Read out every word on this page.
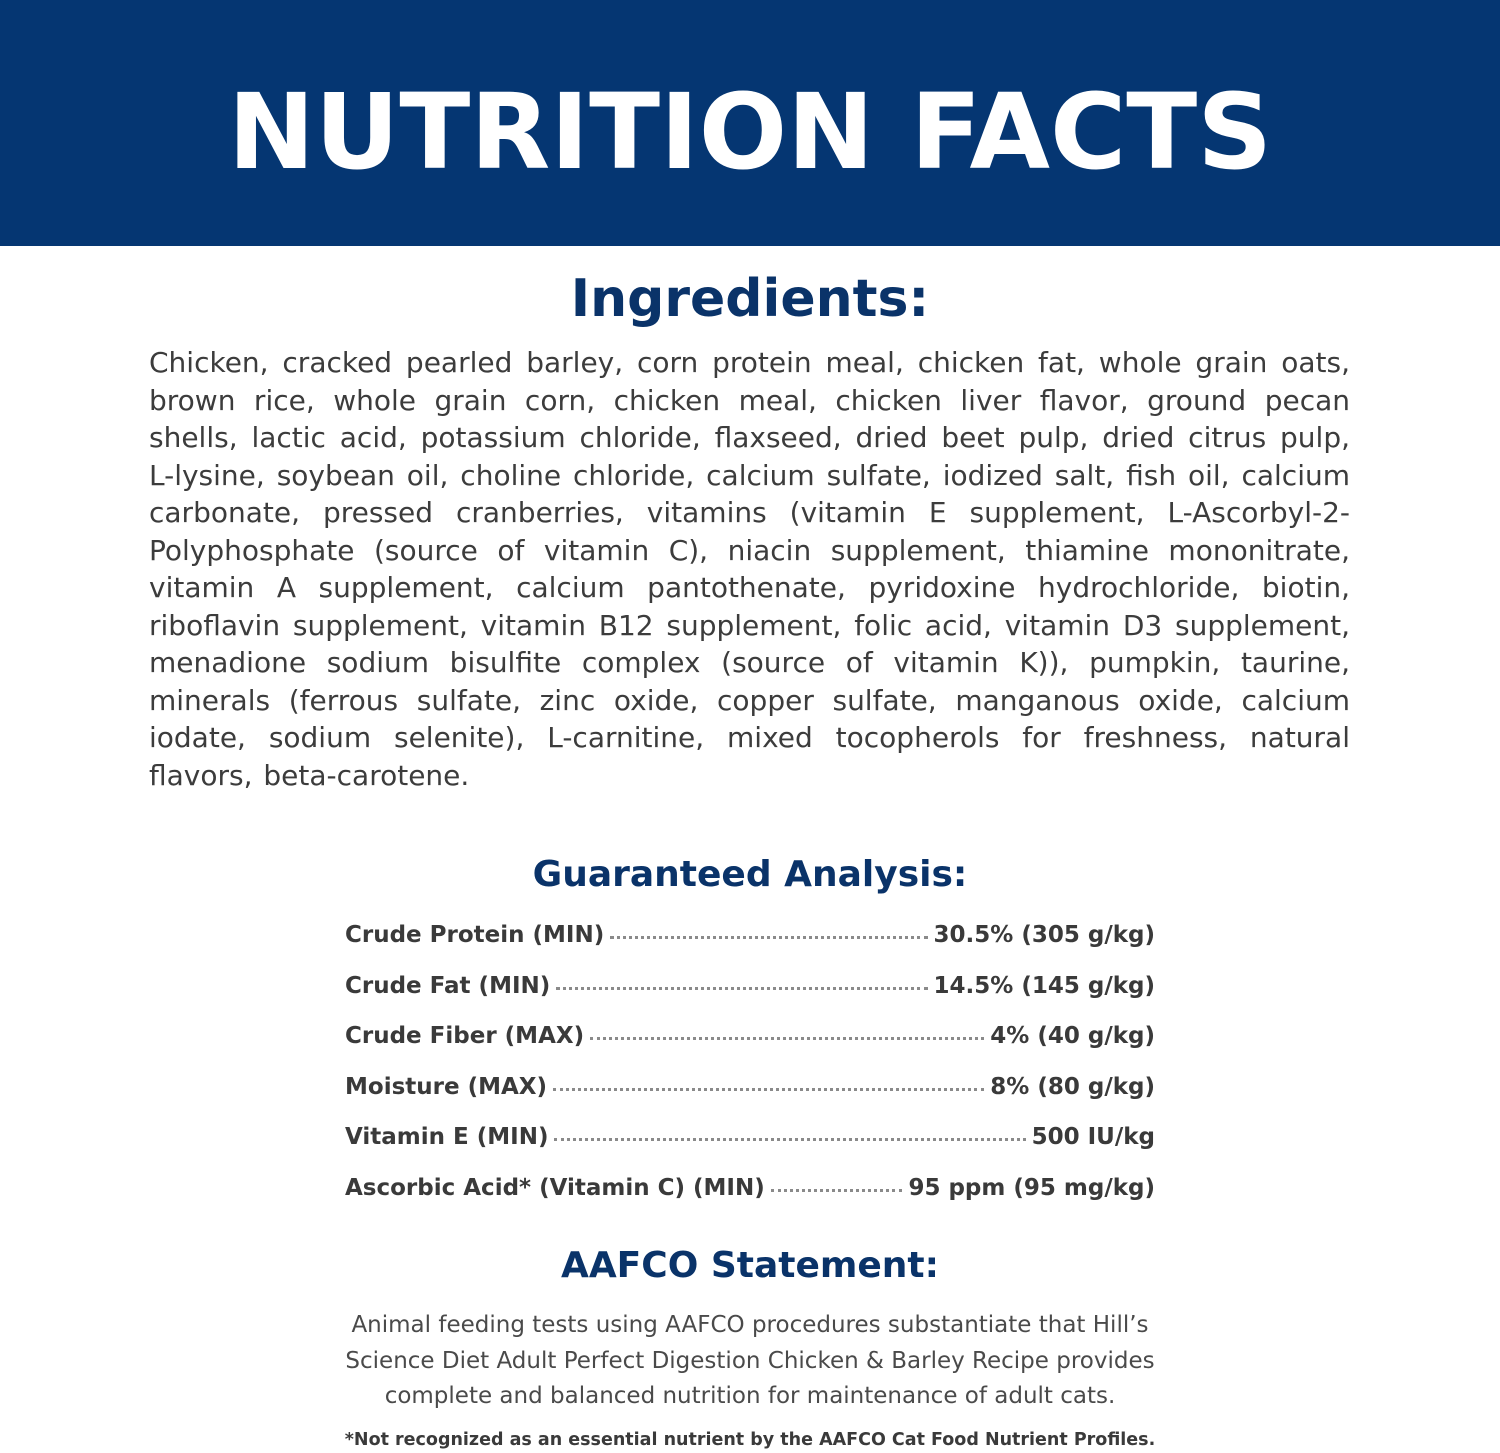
NUTRITION FACTS
Ingredients:
Chicken, cracked pearled barley, corn protein meal, chicken fat, whole grain oats, brown rice, whole grain corn, chicken meal, chicken liver flavor, ground pecan shells, lactic acid, potassium chloride, flaxseed, dried beet pulp, dried citrus pulp, L-lysine, soybean oil, choline chloride, calcium sulfate, iodized salt, fish oil, calcium carbonate, pressed cranberries, vitamins (vitamin E supplement, L-Ascorbyl-2-Polyphosphate (source of vitamin C), niacin supplement, thiamine mononitrate, vitamin A supplement, calcium pantothenate, pyridoxine hydrochloride, biotin, riboflavin supplement, vitamin B12 supplement, folic acid, vitamin D3 supplement, menadione sodium bisulfite complex (source of vitamin K)), pumpkin, taurine, minerals (ferrous sulfate, zinc oxide, copper sulfate, manganous oxide, calcium iodate, sodium selenite), L-carnitine, mixed tocopherols for freshness, natural flavors, beta-carotene.
Guaranteed Analysis:
Crude Protein (MIN)	30.5% (305 g/kg)
Crude Fat (MIN)	14.5% (145 g/kg)
Crude Fiber (MAX)	4% (40 g/kg)
Moisture (MAX)	8% (80 g/kg)
Vitamin E (MIN)	500 IU/kg
Ascorbic Acid* (Vitamin C) (MIN)	95 ppm (95 mg/kg)
AAFCO Statement:
Animal feeding tests using AAFCO procedures substantiate that Hill’s Science Diet Adult Perfect Digestion Chicken & Barley Recipe provides complete and balanced nutrition for maintenance of adult cats.
*Not recognized as an essential nutrient by the AAFCO Cat Food Nutrient Profiles.
